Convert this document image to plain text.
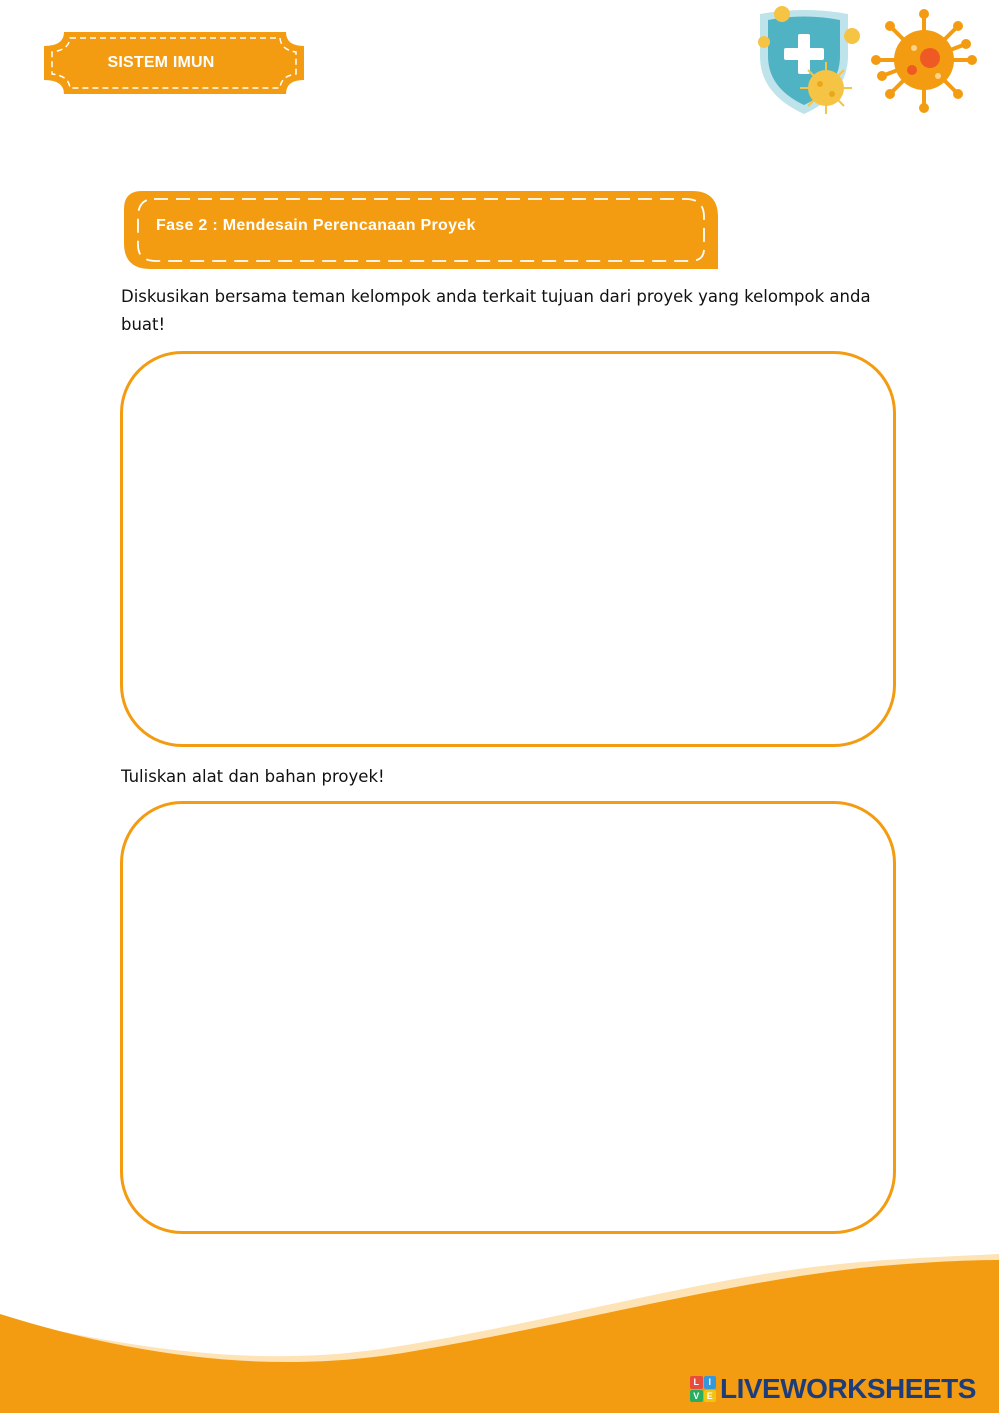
SISTEM IMUN
Fase 2 : Mendesain Perencanaan Proyek

Diskusikan bersama teman kelompok anda terkait tujuan dari proyek yang kelompok anda buat!

Tuliskan alat dan bahan proyek!

L	I
V E LIVEWORKSHEETS
